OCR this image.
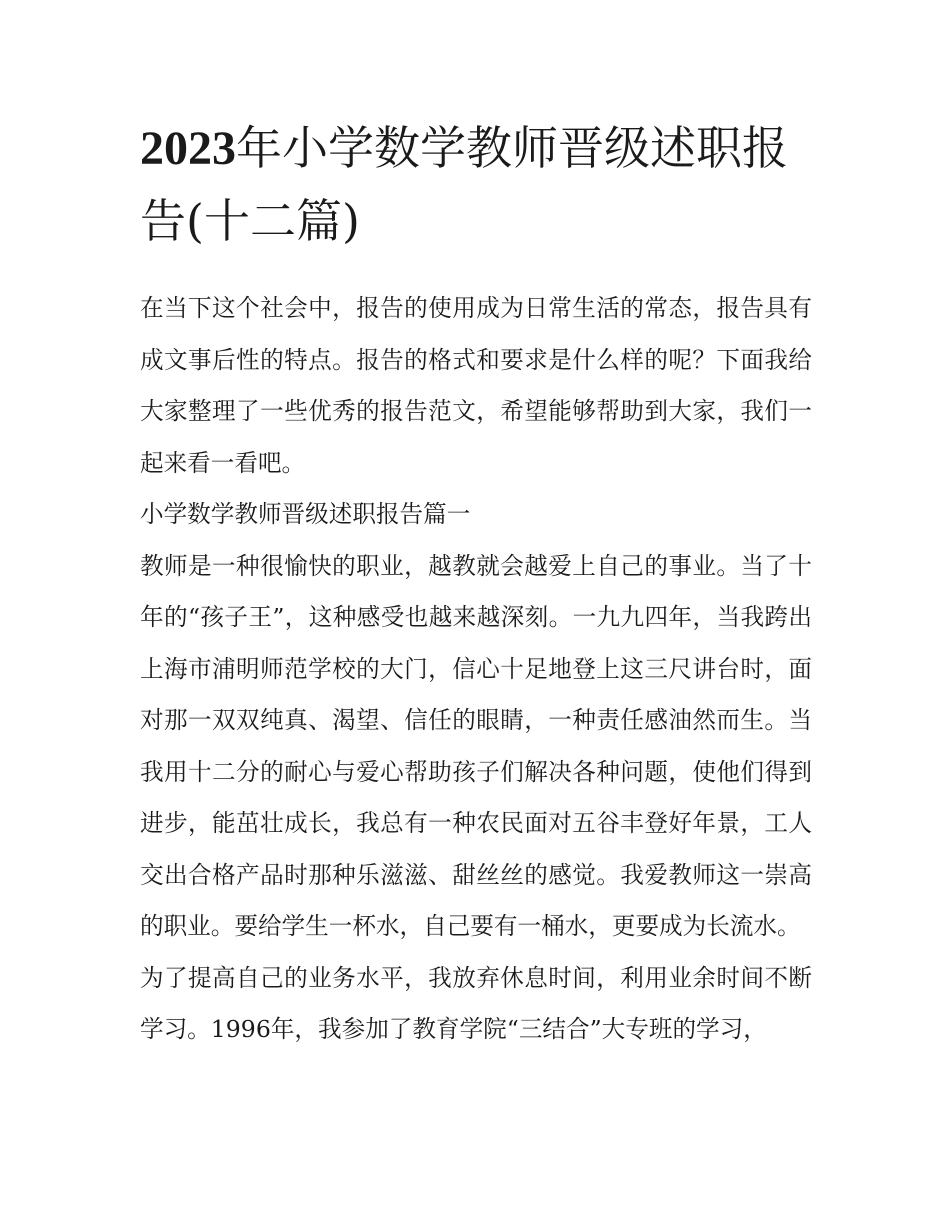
2023年小学数学教师晋级述职报告(十二篇)

在当下这个社会中，报告的使用成为日常生活的常态，报告具有成文事后性的特点。报告的格式和要求是什么样的呢？下面我给大家整理了一些优秀的报告范文，希望能够帮助到大家，我们一起来看一看吧。

小学数学教师晋级述职报告篇一

教师是一种很愉快的职业，越教就会越爱上自己的事业。当了十年的“孩子王”，这种感受也越来越深刻。一九九四年，当我跨出上海市浦明师范学校的大门，信心十足地登上这三尺讲台时，面对那一双双纯真、渴望、信任的眼睛，一种责任感油然而生。当我用十二分的耐心与爱心帮助孩子们解决各种问题，使他们得到进步，能茁壮成长，我总有一种农民面对五谷丰登好年景，工人交出合格产品时那种乐滋滋、甜丝丝的感觉。我爱教师这一崇高的职业。要给学生一杯水，自己要有一桶水，更要成为长流水。

为了提高自己的业务水平，我放弃休息时间，利用业余时间不断学习。1996年，我参加了教育学院“三结合”大专班的学习，
